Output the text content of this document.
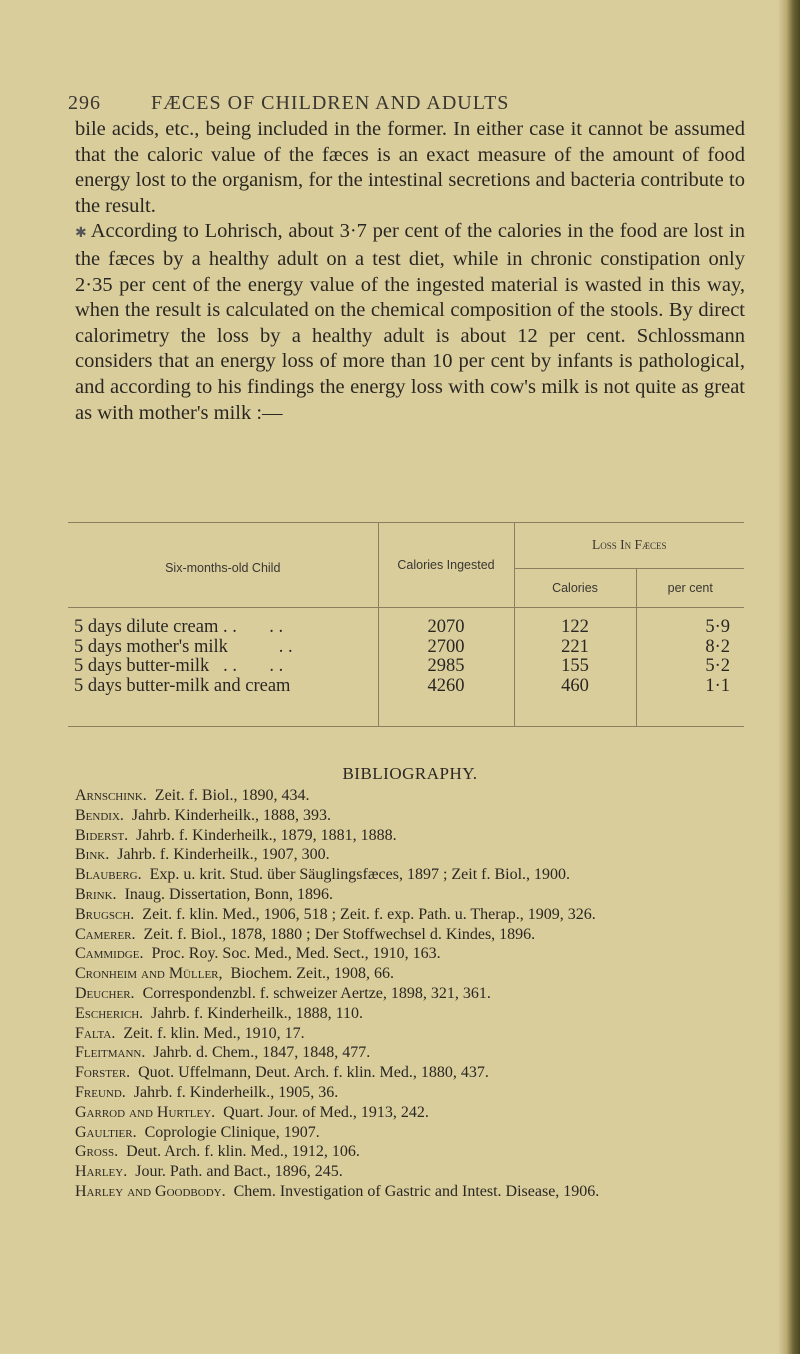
296	FÆCES OF CHILDREN AND ADULTS

bile acids, etc., being included in the former. In either case it cannot be assumed that the caloric value of the fæces is an exact measure of the amount of food energy lost to the organism, for the intestinal secretions and bacteria contribute to the result.

✱ According to Lohrisch, about 3·7 per cent of the calories in the food are lost in the fæces by a healthy adult on a test diet, while in chronic constipation only 2·35 per cent of the energy value of the ingested material is wasted in this way, when the result is calculated on the chemical composition of the stools. By direct calorimetry the loss by a healthy adult is about 12 per cent. Schlossmann considers that an energy loss of more than 10 per cent by infants is pathological, and according to his findings the energy loss with cow's milk is not quite as great as with mother's milk :—

Six-months-old Child	Calories Ingested	Loss In Fæces	
		Calories	per cent
5 days dilute cream . .       . .	2070	122	5·9
5 days mother's milk           . .	2700	221	8·2
5 days butter-milk   . .       . .	2985	155	5·2
5 days butter-milk and cream	4260	460	1·1
BIBLIOGRAPHY.
Arnschink. Zeit. f. Biol., 1890, 434.
Bendix. Jahrb. Kinderheilk., 1888, 393.
Biderst. Jahrb. f. Kinderheilk., 1879, 1881, 1888.
Bink. Jahrb. f. Kinderheilk., 1907, 300.
Blauberg. Exp. u. krit. Stud. über Säuglingsfæces, 1897 ; Zeit f. Biol., 1900.
Brink. Inaug. Dissertation, Bonn, 1896.
Brugsch. Zeit. f. klin. Med., 1906, 518 ; Zeit. f. exp. Path. u. Therap., 1909, 326.
Camerer. Zeit. f. Biol., 1878, 1880 ; Der Stoffwechsel d. Kindes, 1896.
Cammidge. Proc. Roy. Soc. Med., Med. Sect., 1910, 163.
Cronheim and Müller, Biochem. Zeit., 1908, 66.
Deucher. Correspondenzbl. f. schweizer Aertze, 1898, 321, 361.
Escherich. Jahrb. f. Kinderheilk., 1888, 110.
Falta. Zeit. f. klin. Med., 1910, 17.
Fleitmann. Jahrb. d. Chem., 1847, 1848, 477.
Forster. Quot. Uffelmann, Deut. Arch. f. klin. Med., 1880, 437.
Freund. Jahrb. f. Kinderheilk., 1905, 36.
Garrod and Hurtley. Quart. Jour. of Med., 1913, 242.
Gaultier. Coprologie Clinique, 1907.
Gross. Deut. Arch. f. klin. Med., 1912, 106.
Harley. Jour. Path. and Bact., 1896, 245.
Harley and Goodbody. Chem. Investigation of Gastric and Intest. Disease, 1906.
